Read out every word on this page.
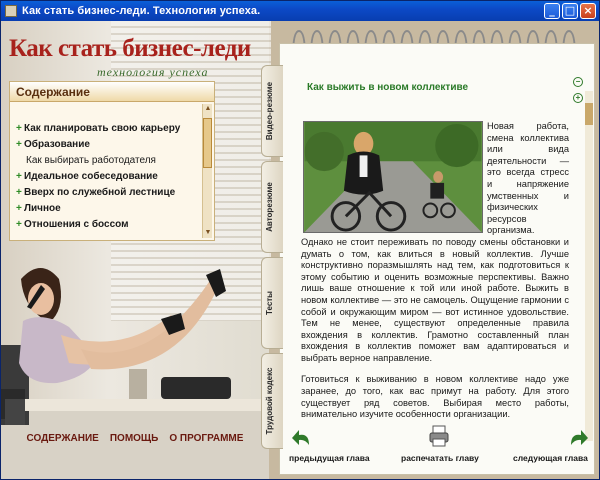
Как стать бизнес-леди. Технология успеха.	_ □ ×
Как стать бизнес-леди
технология успеха
Содержание
+ Как планировать свою карьеру
+ Образование
Как выбирать работодателя
+ Идеальное собеседование
+ Вверх по служебной лестнице
+ Личное
+ Отношения с боссом
▲
▼
СОДЕРЖАНИЕ ПОМОЩЬ О ПРОГРАММЕ
Видео-резюме
Авторезюме
Тесты
Трудовой кодекс
Как выжить в новом коллективе
−
+

Новая работа, смена коллектива или вида деятельности — это всегда стресс и напряжение умственных и физических ресурсов организма. Однако не стоит переживать по поводу смены обстановки и думать о том, как влиться в новый коллектив. Лучше конструктивно поразмышлять над тем, как подготовиться к этому событию и оценить возможные перспективы. Важно лишь ваше отношение к той или иной работе. Выжить в новом коллективе — это не самоцель. Ощущение гармонии с собой и окружающим миром — вот истинное удовольствие. Тем не менее, существуют определенные правила вхождения в коллектив. Грамотно составленный план вхождения в коллектив поможет вам адаптироваться и выбрать верное направление.

Готовиться к выживанию в новом коллективе надо уже заранее, до того, как вас примут на работу. Для этого существует ряд советов. Выбирая место работы, внимательно изучите особенности организации.

предыдущая глава	распечатать главу	следующая глава
